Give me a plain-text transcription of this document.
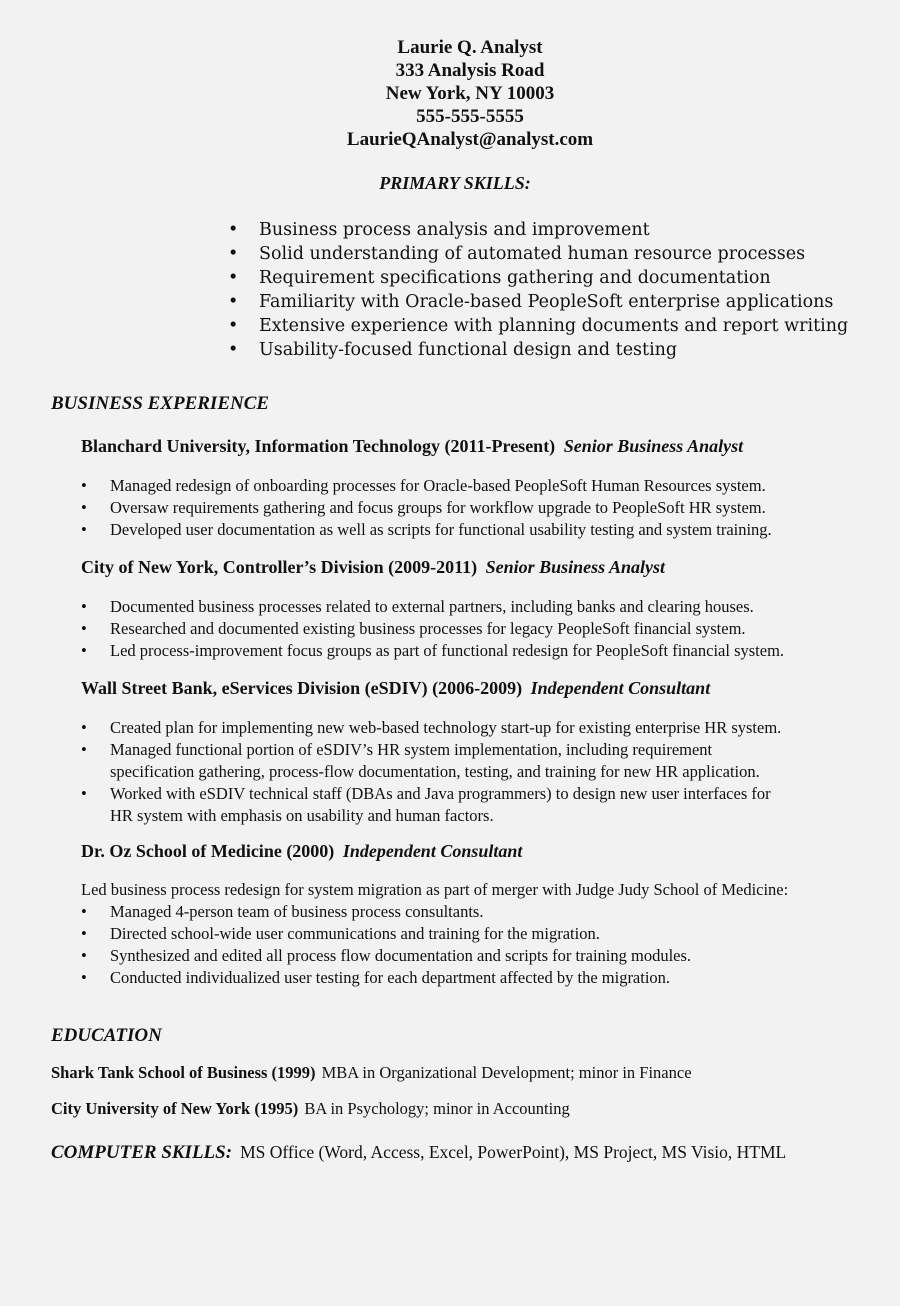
Laurie Q. Analyst
333 Analysis Road
New York, NY 10003
555-555-5555
LaurieQAnalyst@analyst.com
PRIMARY SKILLS:
• Business process analysis and improvement
• Solid understanding of automated human resource processes
• Requirement specifications gathering and documentation
• Familiarity with Oracle-based PeopleSoft enterprise applications
• Extensive experience with planning documents and report writing
• Usability-focused functional design and testing
BUSINESS EXPERIENCE
Blanchard University, Information Technology (2011-Present) Senior Business Analyst
• Managed redesign of onboarding processes for Oracle-based PeopleSoft Human Resources system.
• Oversaw requirements gathering and focus groups for workflow upgrade to PeopleSoft HR system.
• Developed user documentation as well as scripts for functional usability testing and system training.
City of New York, Controller’s Division (2009-2011) Senior Business Analyst
• Documented business processes related to external partners, including banks and clearing houses.
• Researched and documented existing business processes for legacy PeopleSoft financial system.
• Led process-improvement focus groups as part of functional redesign for PeopleSoft financial system.
Wall Street Bank, eServices Division (eSDIV) (2006-2009) Independent Consultant
• Created plan for implementing new web-based technology start-up for existing enterprise HR system.
• Managed functional portion of eSDIV’s HR system implementation, including requirement
specification gathering, process-flow documentation, testing, and training for new HR application.
• Worked with eSDIV technical staff (DBAs and Java programmers) to design new user interfaces for
HR system with emphasis on usability and human factors.
Dr. Oz School of Medicine (2000) Independent Consultant
Led business process redesign for system migration as part of merger with Judge Judy School of Medicine:
• Managed 4-person team of business process consultants.
• Directed school-wide user communications and training for the migration.
• Synthesized and edited all process flow documentation and scripts for training modules.
• Conducted individualized user testing for each department affected by the migration.
EDUCATION
Shark Tank School of Business (1999) MBA in Organizational Development; minor in Finance
City University of New York (1995) BA in Psychology; minor in Accounting
COMPUTER SKILLS: MS Office (Word, Access, Excel, PowerPoint), MS Project, MS Visio, HTML
